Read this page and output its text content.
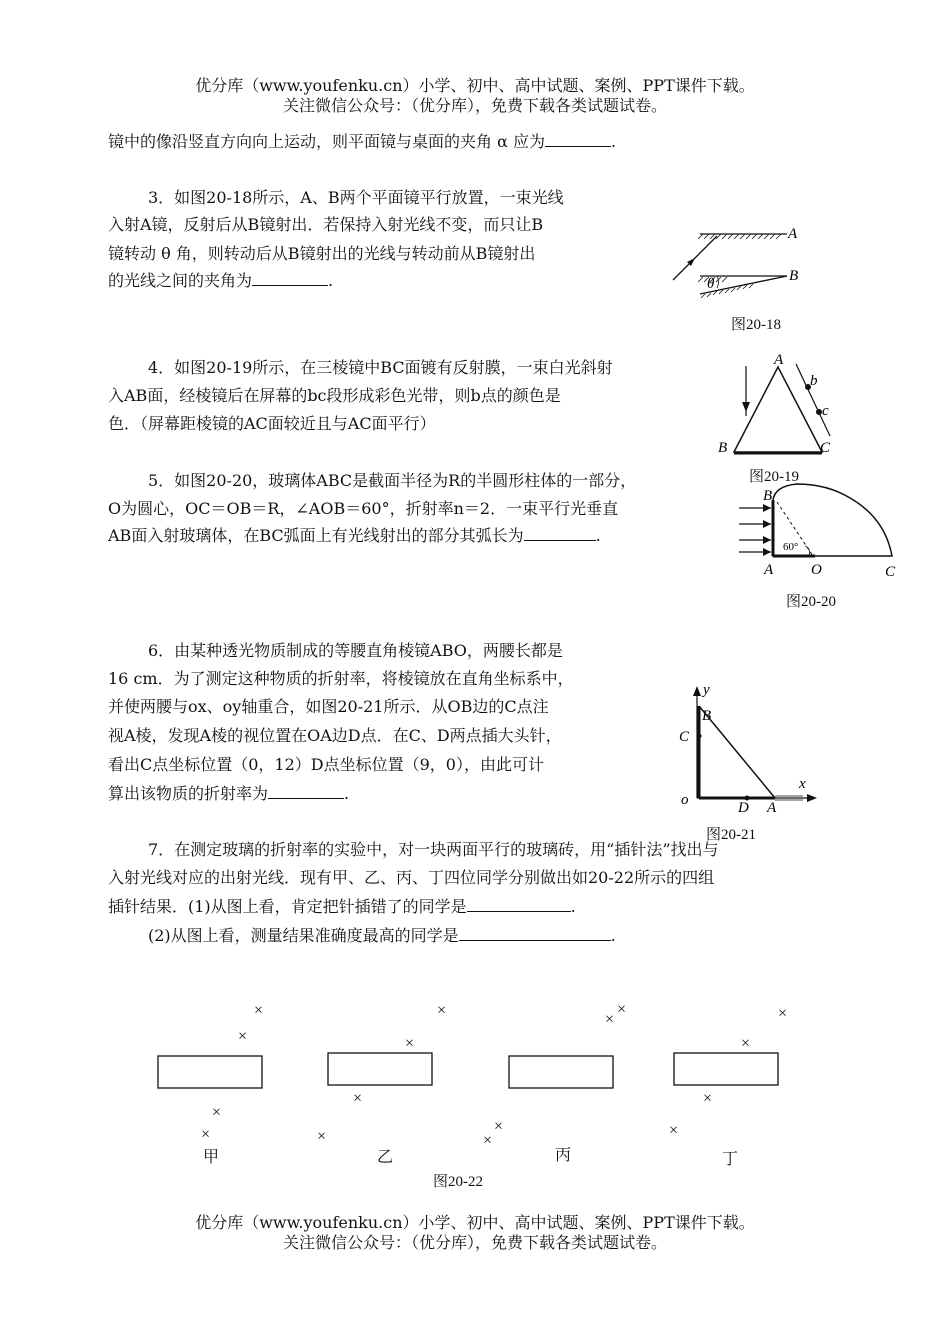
优分库（www.youfenku.cn）小学、初中、高中试题、案例、PPT课件下载。
关注微信公众号：（优分库），免费下载各类试题试卷。
镜中的像沿竖直方向向上运动，则平面镜与桌面的夹角 α 应为	.
3．如图20-18所示，A、B两个平面镜平行放置，一束光线
入射A镜，反射后从B镜射出．若保持入射光线不变，而只让B
镜转动 θ 角，则转动后从B镜射出的光线与转动前从B镜射出
的光线之间的夹角为	.	θ
A
B
图20-18
4．如图20-19所示，在三棱镜中BC面镀有反射膜，一束白光斜射
入AB面，经棱镜后在屏幕的bc段形成彩色光带，则b点的颜色是
色．（屏幕距棱镜的AC面较近且与AC面平行）
A
B	C
b
c
图20-19
5．如图20-20，玻璃体ABC是截面半径为R的半圆形柱体的一部分，
O为圆心，OC＝OB＝R，∠AOB＝60°，折射率n＝2．一束平行光垂直
AB面入射玻璃体，在BC弧面上有光线射出的部分其弧长为	.
60°
B
A	O	C
图20-20
6．由某种透光物质制成的等腰直角棱镜ABO，两腰长都是
16 cm．为了测定这种物质的折射率，将棱镜放在直角坐标系中，
并使两腰与ox、oy轴重合，如图20-21所示．从OB边的C点注
视A棱，发现A棱的视位置在OA边D点．在C、D两点插大头针，
看出C点坐标位置（0，12）D点坐标位置（9，0），由此可计
算出该物质的折射率为	.
y
x
B
C
o	D A
图20-21
7．在测定玻璃的折射率的实验中，对一块两面平行的玻璃砖，用“插针法”找出与
入射光线对应的出射光线．现有甲、乙、丙、丁四位同学分别做出如20-22所示的四组
插针结果．(1)从图上看，肯定把针插错了的同学是	.
(2)从图上看，测量结果准确度最高的同学是	.
×
×
×
×
×
×
×
×
×
×
×
×
×
×
×
×
甲	乙	丙	丁
图20-22
优分库（www.youfenku.cn）小学、初中、高中试题、案例、PPT课件下载。
关注微信公众号：（优分库），免费下载各类试题试卷。
